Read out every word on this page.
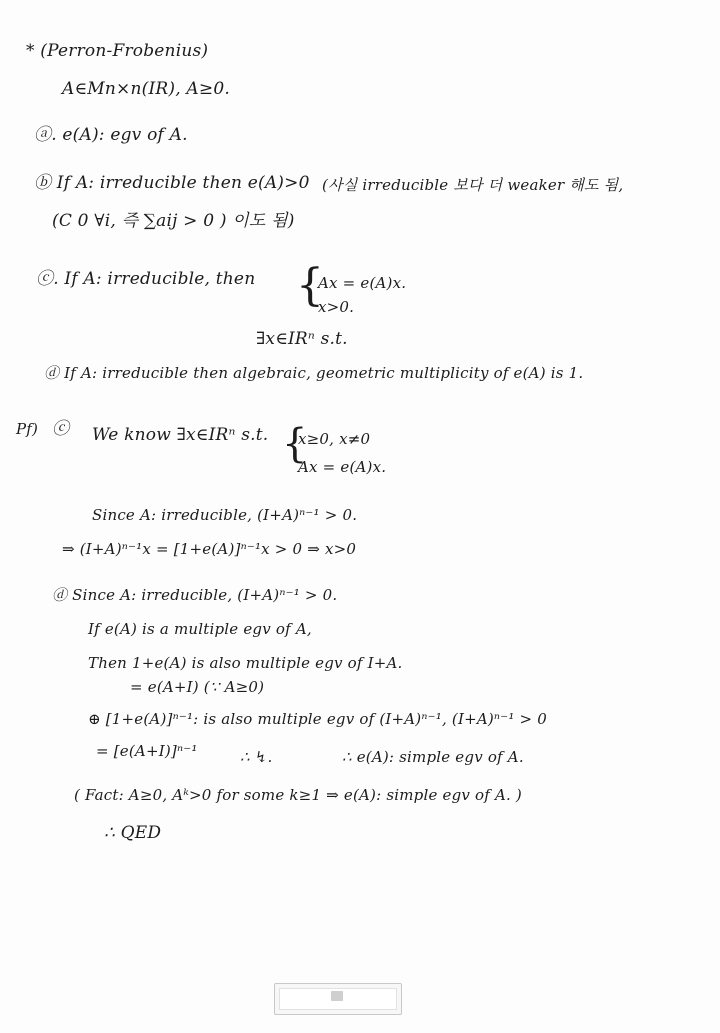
* (Perron-Frobenius)
A∈Mn×n(IR), A≥0.
ⓐ. e(A): egv of A.
ⓑ If A: irreducible then e(A)>0 (사실 irreducible 보다 더 weaker 해도 됨,
(C 0 ∀i, 즉 ∑aij > 0 ) 이도 됨)
ⓒ. If A: irreducible, then {
Ax = e(A)x.
x>0.
∃x∈IRⁿ s.t.
ⓓ If A: irreducible then algebraic, geometric multiplicity of e(A) is 1.
Pf) ⓒ We know ∃x∈IRⁿ s.t. {
x≥0, x≠0
Ax = e(A)x.
Since A: irreducible, (I+A)ⁿ⁻¹ > 0.
⇒ (I+A)ⁿ⁻¹x = [1+e(A)]ⁿ⁻¹x > 0 ⇒ x>0
ⓓ Since A: irreducible, (I+A)ⁿ⁻¹ > 0.
If e(A) is a multiple egv of A,
Then 1+e(A) is also multiple egv of I+A.
= e(A+I) (∵ A≥0)
⊕ [1+e(A)]ⁿ⁻¹: is also multiple egv of (I+A)ⁿ⁻¹, (I+A)ⁿ⁻¹ > 0
= [e(A+I)]ⁿ⁻¹	∴ ↯.	∴ e(A): simple egv of A.
( Fact: A≥0, Aᵏ>0 for some k≥1 ⇒ e(A): simple egv of A. )
∴ QED
